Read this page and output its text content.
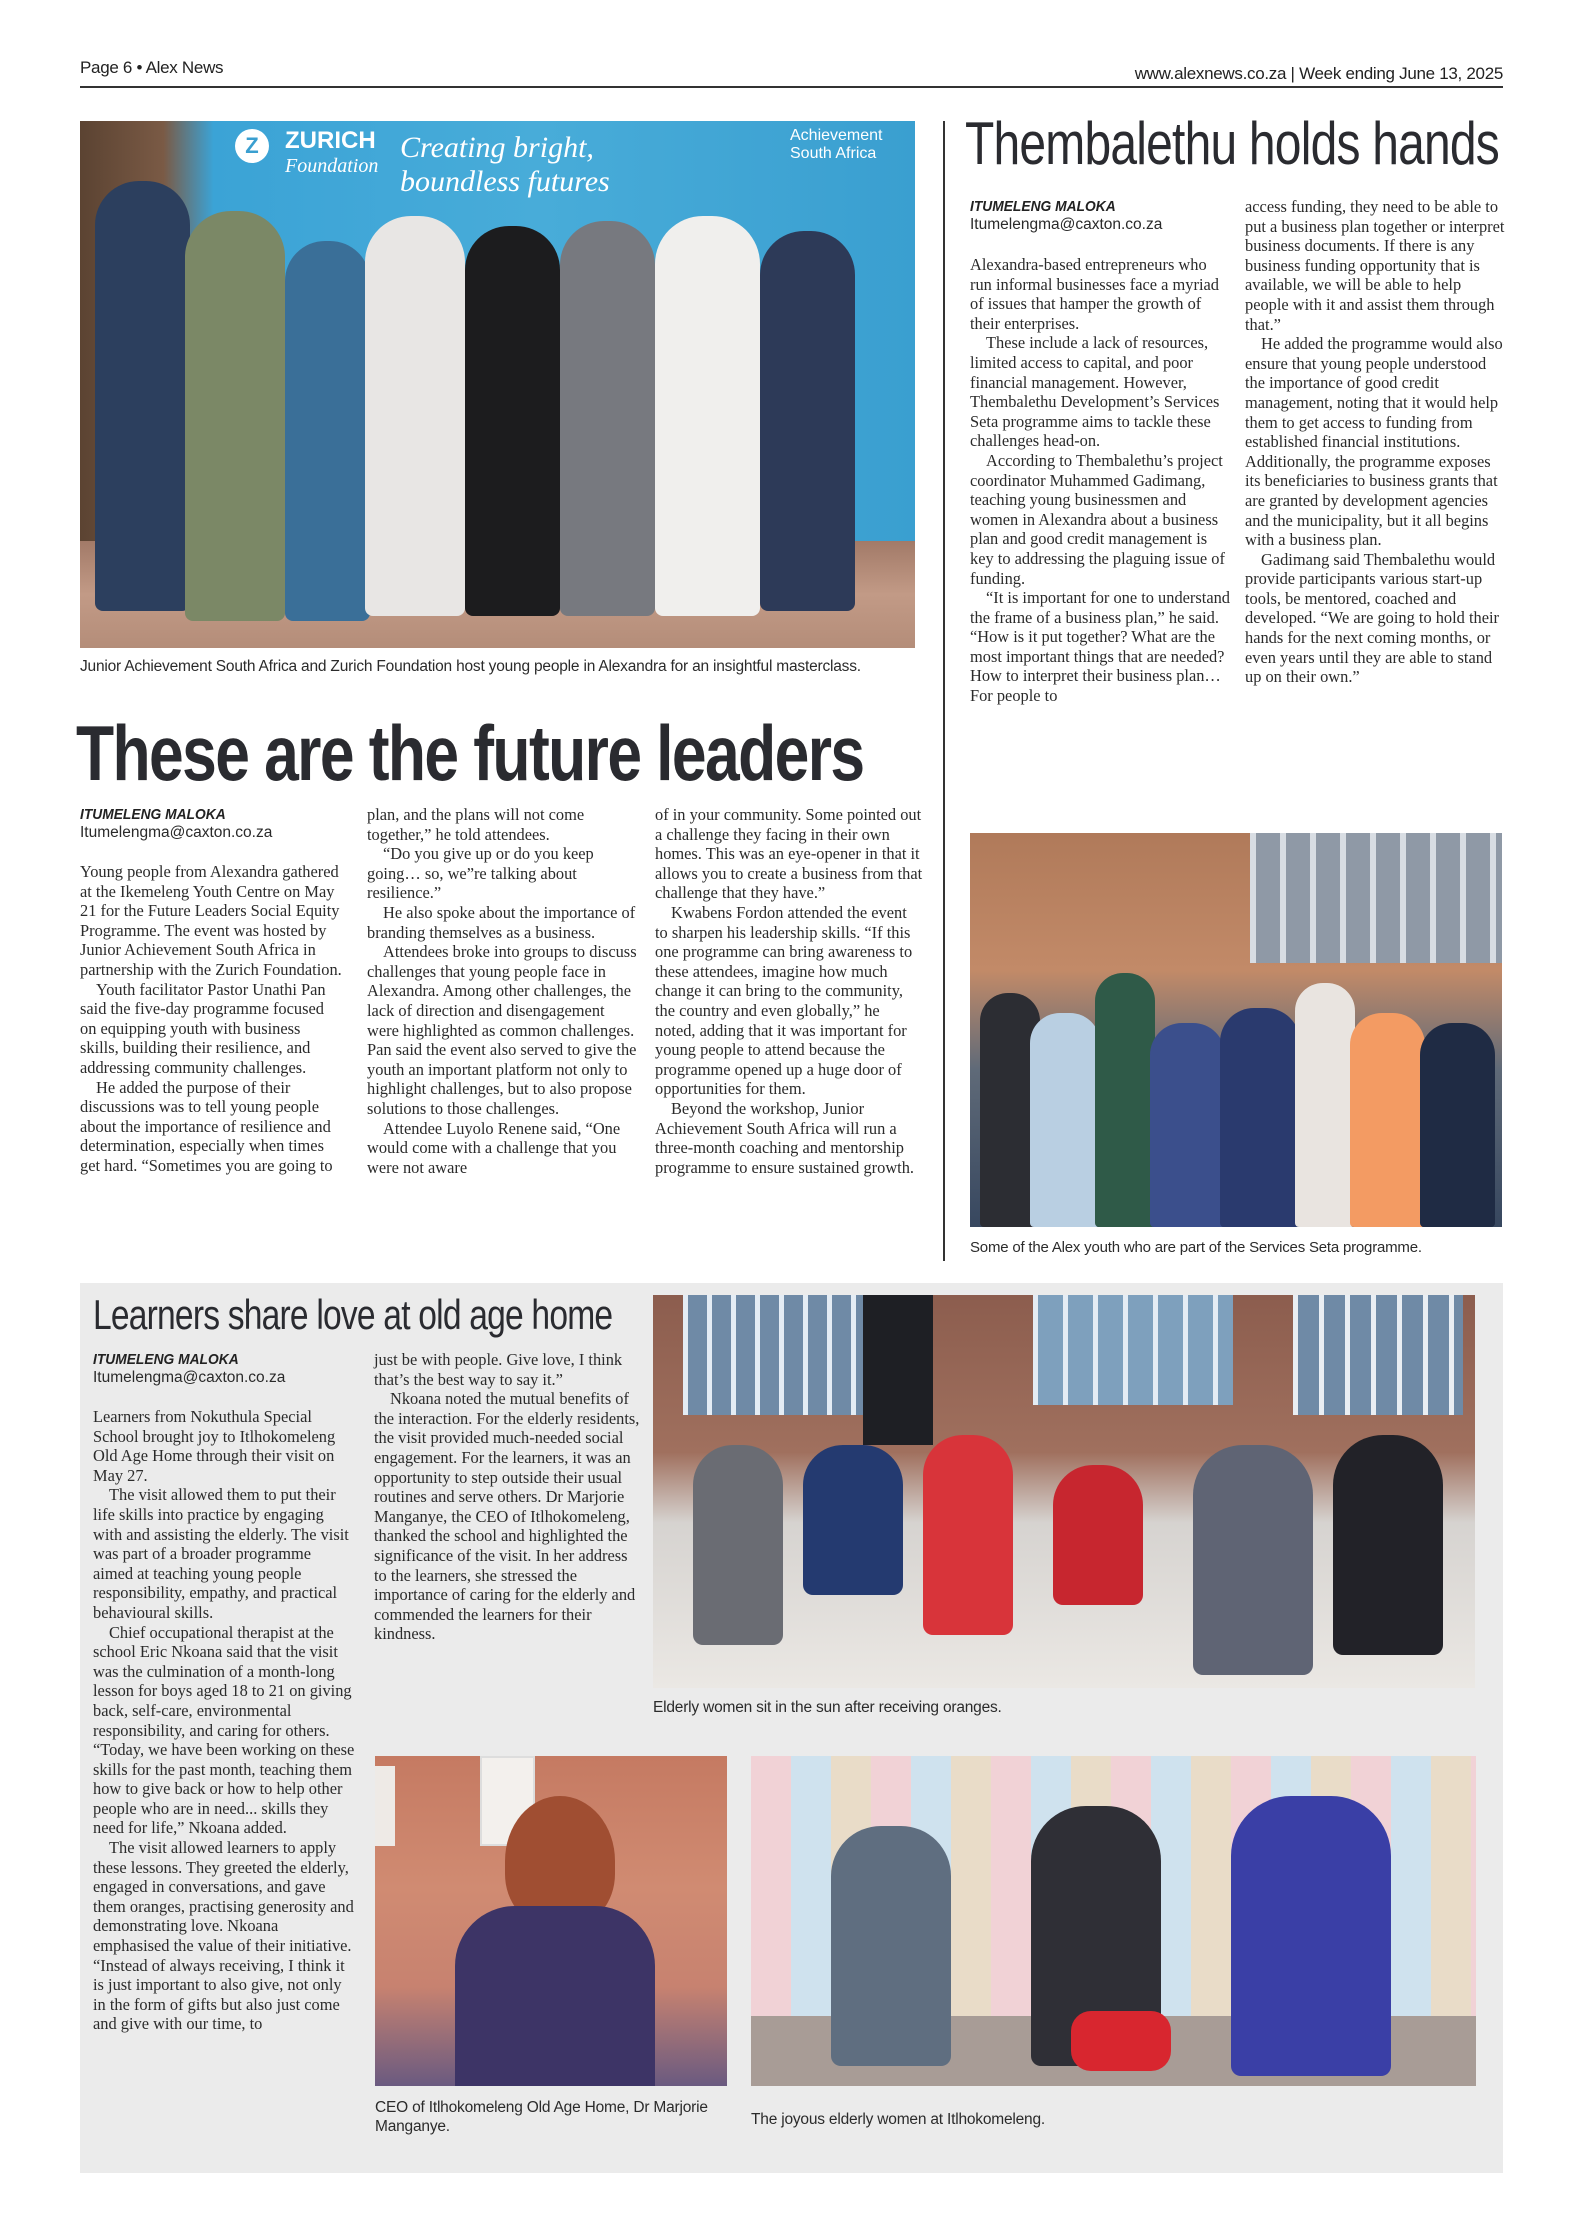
Page 6 • Alex News	www.alexnews.co.za | Week ending June 13, 2025
ZURICH
Foundation
Z	Creating bright, boundless futures
Achievement South Africa
Junior Achievement South Africa and Zurich Foundation host young people in Alexandra for an insightful masterclass.
These are the future leaders
ITUMELENG MALOKA
Itumelengma@caxton.co.za

Young people from Alexandra gathered at the Ikemeleng Youth Centre on May 21 for the Future Leaders Social Equity Programme. The event was hosted by Junior Achievement South Africa in partnership with the Zurich Foundation.

Youth facilitator Pastor Unathi Pan said the five-day programme focused on equipping youth with business skills, building their resilience, and addressing community challenges.

He added the purpose of their discussions was to tell young people about the importance of resilience and determination, especially when times get hard. “Sometimes you are going to

plan, and the plans will not come together,” he told attendees.

“Do you give up or do you keep going… so, we”re talking about resilience.”

He also spoke about the importance of branding themselves as a business.

Attendees broke into groups to discuss challenges that young people face in Alexandra. Among other challenges, the lack of direction and disengagement were highlighted as common challenges. Pan said the event also served to give the youth an important platform not only to highlight challenges, but to also propose solutions to those challenges.

Attendee Luyolo Renene said, “One would come with a challenge that you were not aware

of in your community. Some pointed out a challenge they facing in their own homes. This was an eye-opener in that it allows you to create a business from that challenge that they have.”

Kwabens Fordon attended the event to sharpen his leadership skills. “If this one programme can bring awareness to these attendees, imagine how much change it can bring to the community, the country and even globally,” he noted, adding that it was important for young people to attend because the programme opened up a huge door of opportunities for them.

Beyond the workshop, Junior Achievement South Africa will run a three-month coaching and mentorship programme to ensure sustained growth.

Thembalethu holds hands
ITUMELENG MALOKA
Itumelengma@caxton.co.za

Alexandra-based entrepreneurs who run informal businesses face a myriad of issues that hamper the growth of their enterprises.

These include a lack of resources, limited access to capital, and poor financial management. However, Thembalethu Development’s Services Seta programme aims to tackle these challenges head-on.

According to Thembalethu’s project coordinator Muhammed Gadimang, teaching young businessmen and women in Alexandra about a business plan and good credit management is key to addressing the plaguing issue of funding.

“It is important for one to understand the frame of a business plan,” he said. “How is it put together? What are the most important things that are needed? How to interpret their business plan… For people to

access funding, they need to be able to put a business plan together or interpret business documents. If there is any business funding opportunity that is available, we will be able to help people with it and assist them through that.”

He added the programme would also ensure that young people understood the importance of good credit management, noting that it would help them to get access to funding from established financial institutions. Additionally, the programme exposes its beneficiaries to business grants that are granted by development agencies and the municipality, but it all begins with a business plan.

Gadimang said Thembalethu would provide participants various start-up tools, be mentored, coached and developed. “We are going to hold their hands for the next coming months, or even years until they are able to stand up on their own.”

Some of the Alex youth who are part of the Services Seta programme.
Learners share love at old age home
ITUMELENG MALOKA
Itumelengma@caxton.co.za

Learners from Nokuthula Special School brought joy to Itlhokomeleng Old Age Home through their visit on May 27.

The visit allowed them to put their life skills into practice by engaging with and assisting the elderly. The visit was part of a broader programme aimed at teaching young people responsibility, empathy, and practical behavioural skills.

Chief occupational therapist at the school Eric Nkoana said that the visit was the culmination of a month-long lesson for boys aged 18 to 21 on giving back, self-care, environmental responsibility, and caring for others. “Today, we have been working on these skills for the past month, teaching them how to give back or how to help other people who are in need... skills they need for life,” Nkoana added.

The visit allowed learners to apply these lessons. They greeted the elderly, engaged in conversations, and gave them oranges, practising generosity and demonstrating love. Nkoana emphasised the value of their initiative. “Instead of always receiving, I think it is just important to also give, not only in the form of gifts but also just come and give with our time, to

just be with people. Give love, I think that’s the best way to say it.”

Nkoana noted the mutual benefits of the interaction. For the elderly residents, the visit provided much-needed social engagement. For the learners, it was an opportunity to step outside their usual routines and serve others. Dr Marjorie Manganye, the CEO of Itlhokomeleng, thanked the school and highlighted the significance of the visit. In her address to the learners, she stressed the importance of caring for the elderly and commended the learners for their kindness.

Elderly women sit in the sun after receiving oranges.
CEO of Itlhokomeleng Old Age Home, Dr Marjorie Manganye.	The joyous elderly women at Itlhokomeleng.
